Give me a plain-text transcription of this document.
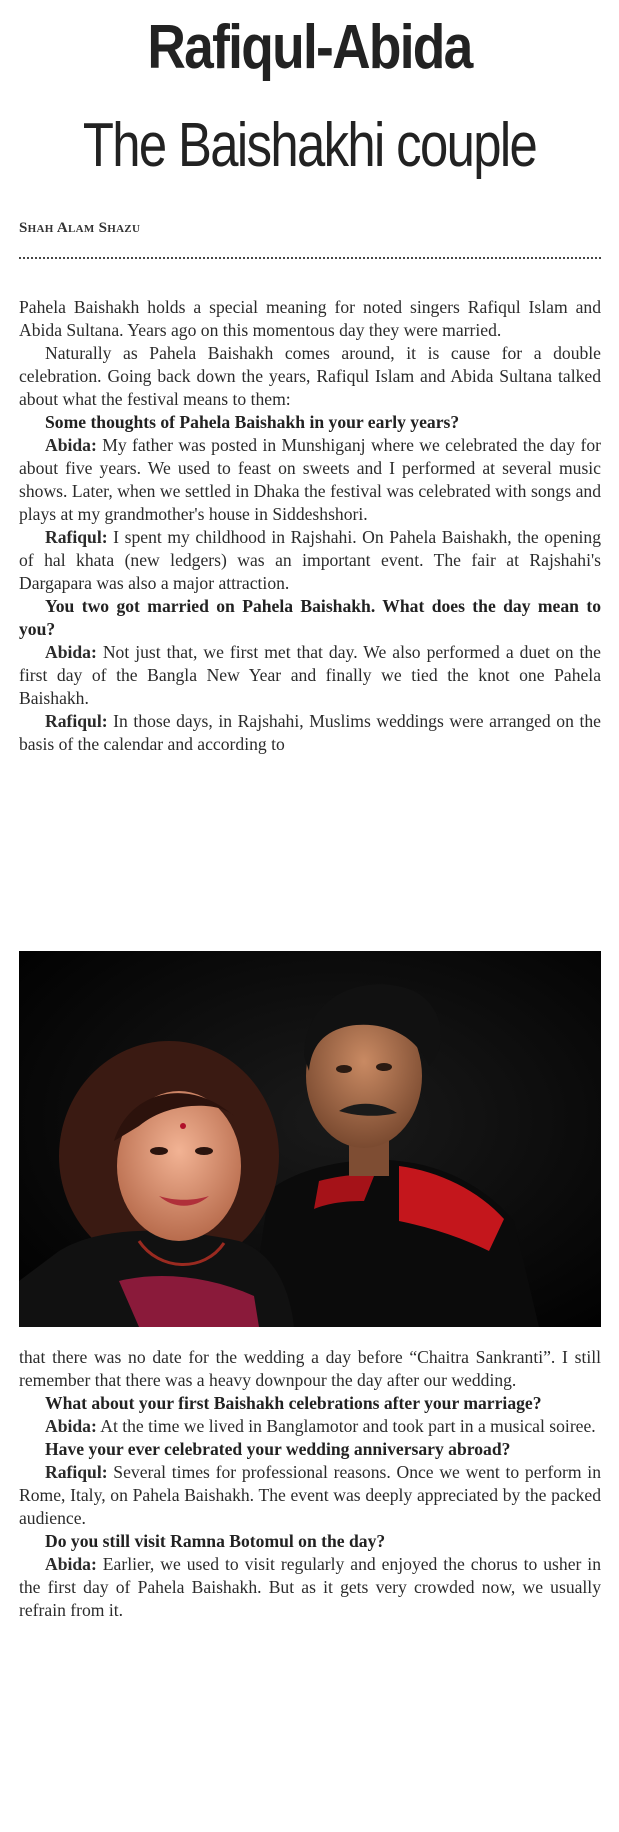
Rafiqul-Abida
The Baishakhi couple
Shah Alam Shazu

Pahela Baishakh holds a special meaning for noted singers Rafiqul Islam and Abida Sultana. Years ago on this momentous day they were married.

Naturally as Pahela Baishakh comes around, it is cause for a double celebration. Going back down the years, Rafiqul Islam and Abida Sultana talked about what the festival means to them:

Some thoughts of Pahela Baishakh in your early years?

Abida: My father was posted in Munshiganj where we celebrated the day for about five years. We used to feast on sweets and I performed at several music shows. Later, when we settled in Dhaka the festival was celebrated with songs and plays at my grandmother's house in Siddeshshori.

Rafiqul: I spent my childhood in Rajshahi. On Pahela Baishakh, the opening of hal khata (new ledgers) was an important event. The fair at Rajshahi's Dargapara was also a major attraction.

You two got married on Pahela Baishakh. What does the day mean to you?

Abida: Not just that, we first met that day. We also performed a duet on the first day of the Bangla New Year and finally we tied the knot one Pahela Baishakh.

Rafiqul: In those days, in Rajshahi, Muslims weddings were arranged on the basis of the calendar and according to

that there was no date for the wedding a day before “Chaitra Sankranti”. I still remember that there was a heavy downpour the day after our wedding.

What about your first Baishakh celebrations after your marriage?

Abida: At the time we lived in Banglamotor and took part in a musical soiree.

Have your ever celebrated your wedding anniversary abroad?

Rafiqul: Several times for professional reasons. Once we went to perform in Rome, Italy, on Pahela Baishakh. The event was deeply appreciated by the packed audience.

Do you still visit Ramna Botomul on the day?

Abida: Earlier, we used to visit regularly and enjoyed the chorus to usher in the first day of Pahela Baishakh. But as it gets very crowded now, we usually refrain from it.
